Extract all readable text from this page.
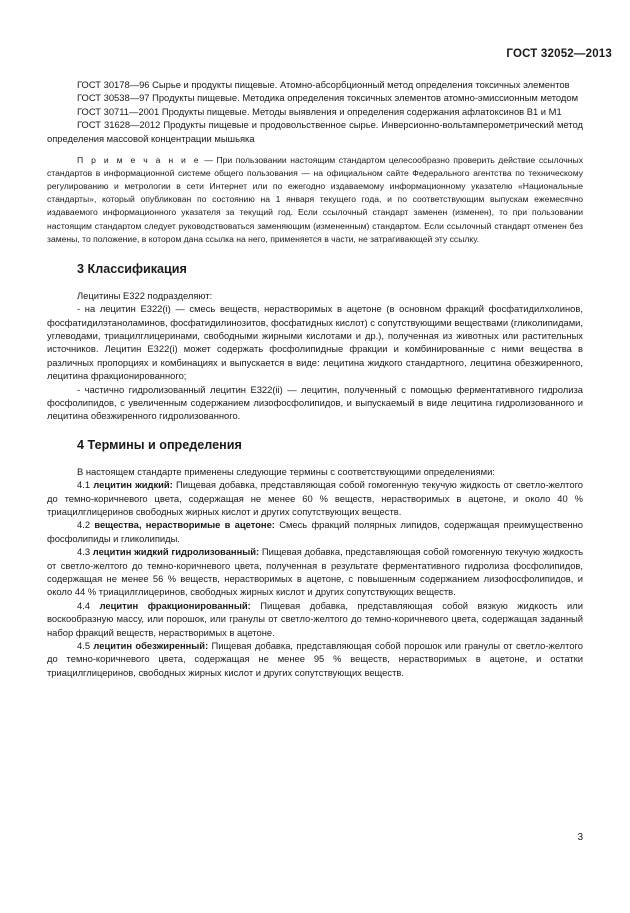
ГОСТ 32052—2013

ГОСТ 30178—96 Сырье и продукты пищевые. Атомно-абсорбционный метод определения токсичных элементов

ГОСТ 30538—97 Продукты пищевые. Методика определения токсичных элементов атомно-эмиссионным методом

ГОСТ 30711—2001 Продукты пищевые. Методы выявления и определения содержания афлатоксинов В1 и М1

ГОСТ 31628—2012 Продукты пищевые и продовольственное сырье. Инверсионно-вольтамперометрический метод определения массовой концентрации мышьяка

П р и м е ч а н и е — При пользовании настоящим стандартом целесообразно проверить действие ссылочных стандартов в информационной системе общего пользования — на официальном сайте Федерального агентства по техническому регулированию и метрологии в сети Интернет или по ежегодно издаваемому информационному указателю «Национальные стандарты», который опубликован по состоянию на 1 января текущего года, и по соответствующим выпускам ежемесячно издаваемого информационного указателя за текущий год. Если ссылочный стандарт заменен (изменен), то при пользовании настоящим стандартом следует руководствоваться заменяющим (измененным) стандартом. Если ссылочный стандарт отменен без замены, то положение, в котором дана ссылка на него, применяется в части, не затрагивающей эту ссылку.

3 Классификация

Лецитины Е322 подразделяют:

- на лецитин Е322(i) — смесь веществ, нерастворимых в ацетоне (в основном фракций фосфатидилхолинов, фосфатидилэтаноламинов, фосфатидилинозитов, фосфатидных кислот) с сопутствующими веществами (гликолипидами, углеводами, триацилглицеринами, свободными жирными кислотами и др.), полученная из животных или растительных источников. Лецитин Е322(i) может содержать фосфолипидные фракции и комбинированные с ними вещества в различных пропорциях и комбинациях и выпускается в виде: лецитина жидкого стандартного, лецитина обезжиренного, лецитина фракционированного;

- частично гидролизованный лецитин Е322(ii) — лецитин, полученный с помощью ферментативного гидролиза фосфолипидов, с увеличенным содержанием лизофосфолипидов, и выпускаемый в виде лецитина гидролизованного и лецитина обезжиренного гидролизованного.

4 Термины и определения

В настоящем стандарте применены следующие термины с соответствующими определениями:

4.1 лецитин жидкий: Пищевая добавка, представляющая собой гомогенную текучую жидкость от светло-желтого до темно-коричневого цвета, содержащая не менее 60 % веществ, нерастворимых в ацетоне, и около 40 % триацилглицеринов свободных жирных кислот и других сопутствующих веществ.

4.2 вещества, нерастворимые в ацетоне: Смесь фракций полярных липидов, содержащая преимущественно фосфолипиды и гликолипиды.

4.3 лецитин жидкий гидролизованный: Пищевая добавка, представляющая собой гомогенную текучую жидкость от светло-желтого до темно-коричневого цвета, полученная в результате ферментативного гидролиза фосфолипидов, содержащая не менее 56 % веществ, нерастворимых в ацетоне, с повышенным содержанием лизофосфолипидов, и около 44 % триацилглицеринов, свободных жирных кислот и других сопутствующих веществ.

4.4 лецитин фракционированный: Пищевая добавка, представляющая собой вязкую жидкость или воскообразную массу, или порошок, или гранулы от светло-желтого до темно-коричневого цвета, содержащая заданный набор фракций веществ, нерастворимых в ацетоне.

4.5 лецитин обезжиренный: Пищевая добавка, представляющая собой порошок или гранулы от светло-желтого до темно-коричневого цвета, содержащая не менее 95 % веществ, нерастворимых в ацетоне, и остатки триацилглицеринов, свободных жирных кислот и других сопутствующих веществ.

3
